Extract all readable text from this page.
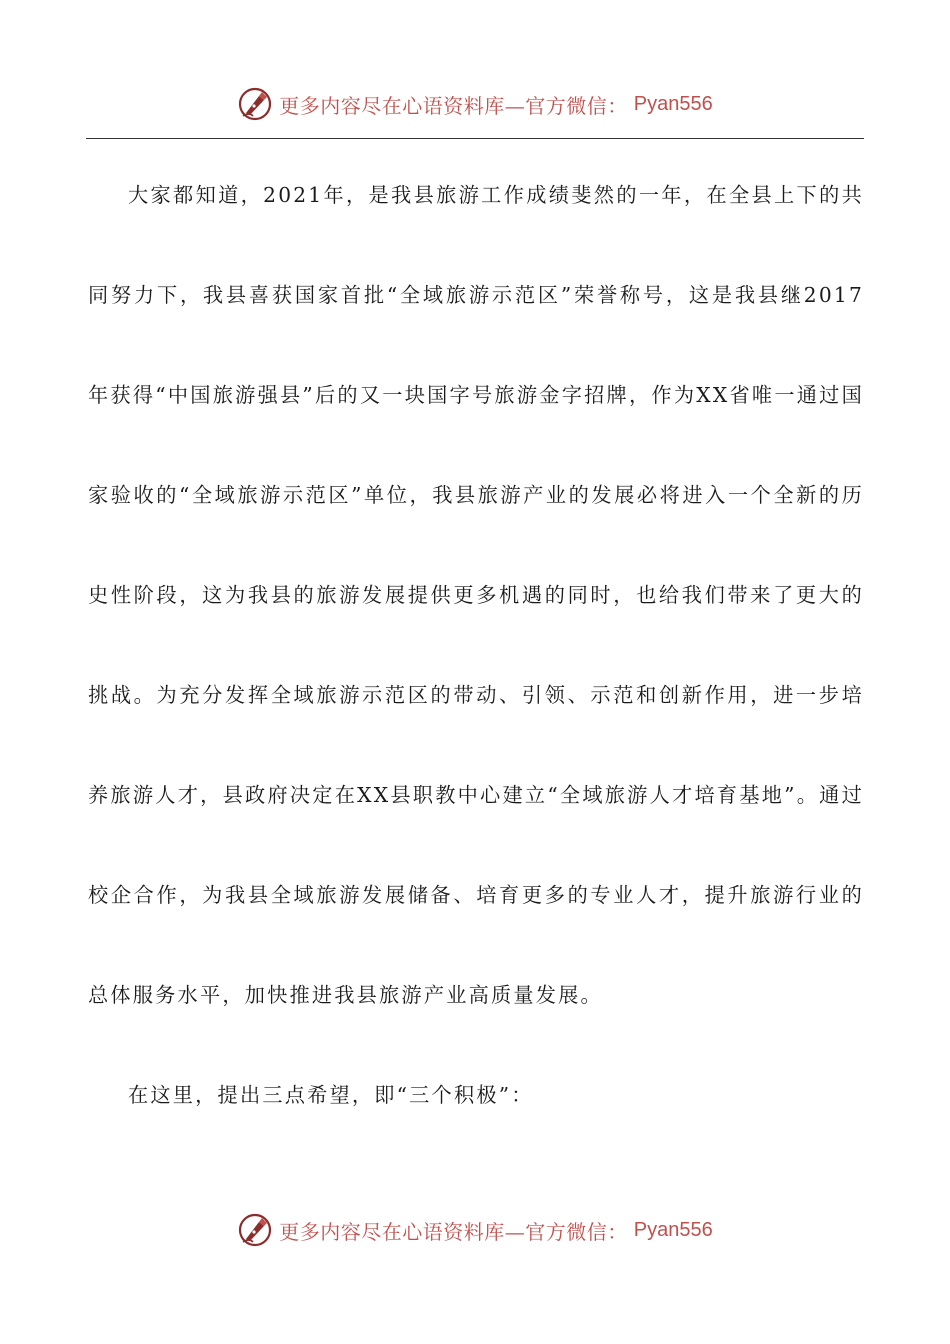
更多内容尽在心语资料库—官方微信： Pyan556

大家都知道，2021年，是我县旅游工作成绩斐然的一年，在全县上下的共同努力下，我县喜获国家首批“全域旅游示范区”荣誉称号，这是我县继2017年获得“中国旅游强县”后的又一块国字号旅游金字招牌，作为XX省唯一通过国家验收的“全域旅游示范区”单位，我县旅游产业的发展必将进入一个全新的历史性阶段，这为我县的旅游发展提供更多机遇的同时，也给我们带来了更大的挑战。为充分发挥全域旅游示范区的带动、引领、示范和创新作用，进一步培养旅游人才，县政府决定在XX县职教中心建立“全域旅游人才培育基地”。通过校企合作，为我县全域旅游发展储备、培育更多的专业人才，提升旅游行业的总体服务水平，加快推进我县旅游产业高质量发展。

在这里，提出三点希望，即“三个积极”：

更多内容尽在心语资料库—官方微信： Pyan556
